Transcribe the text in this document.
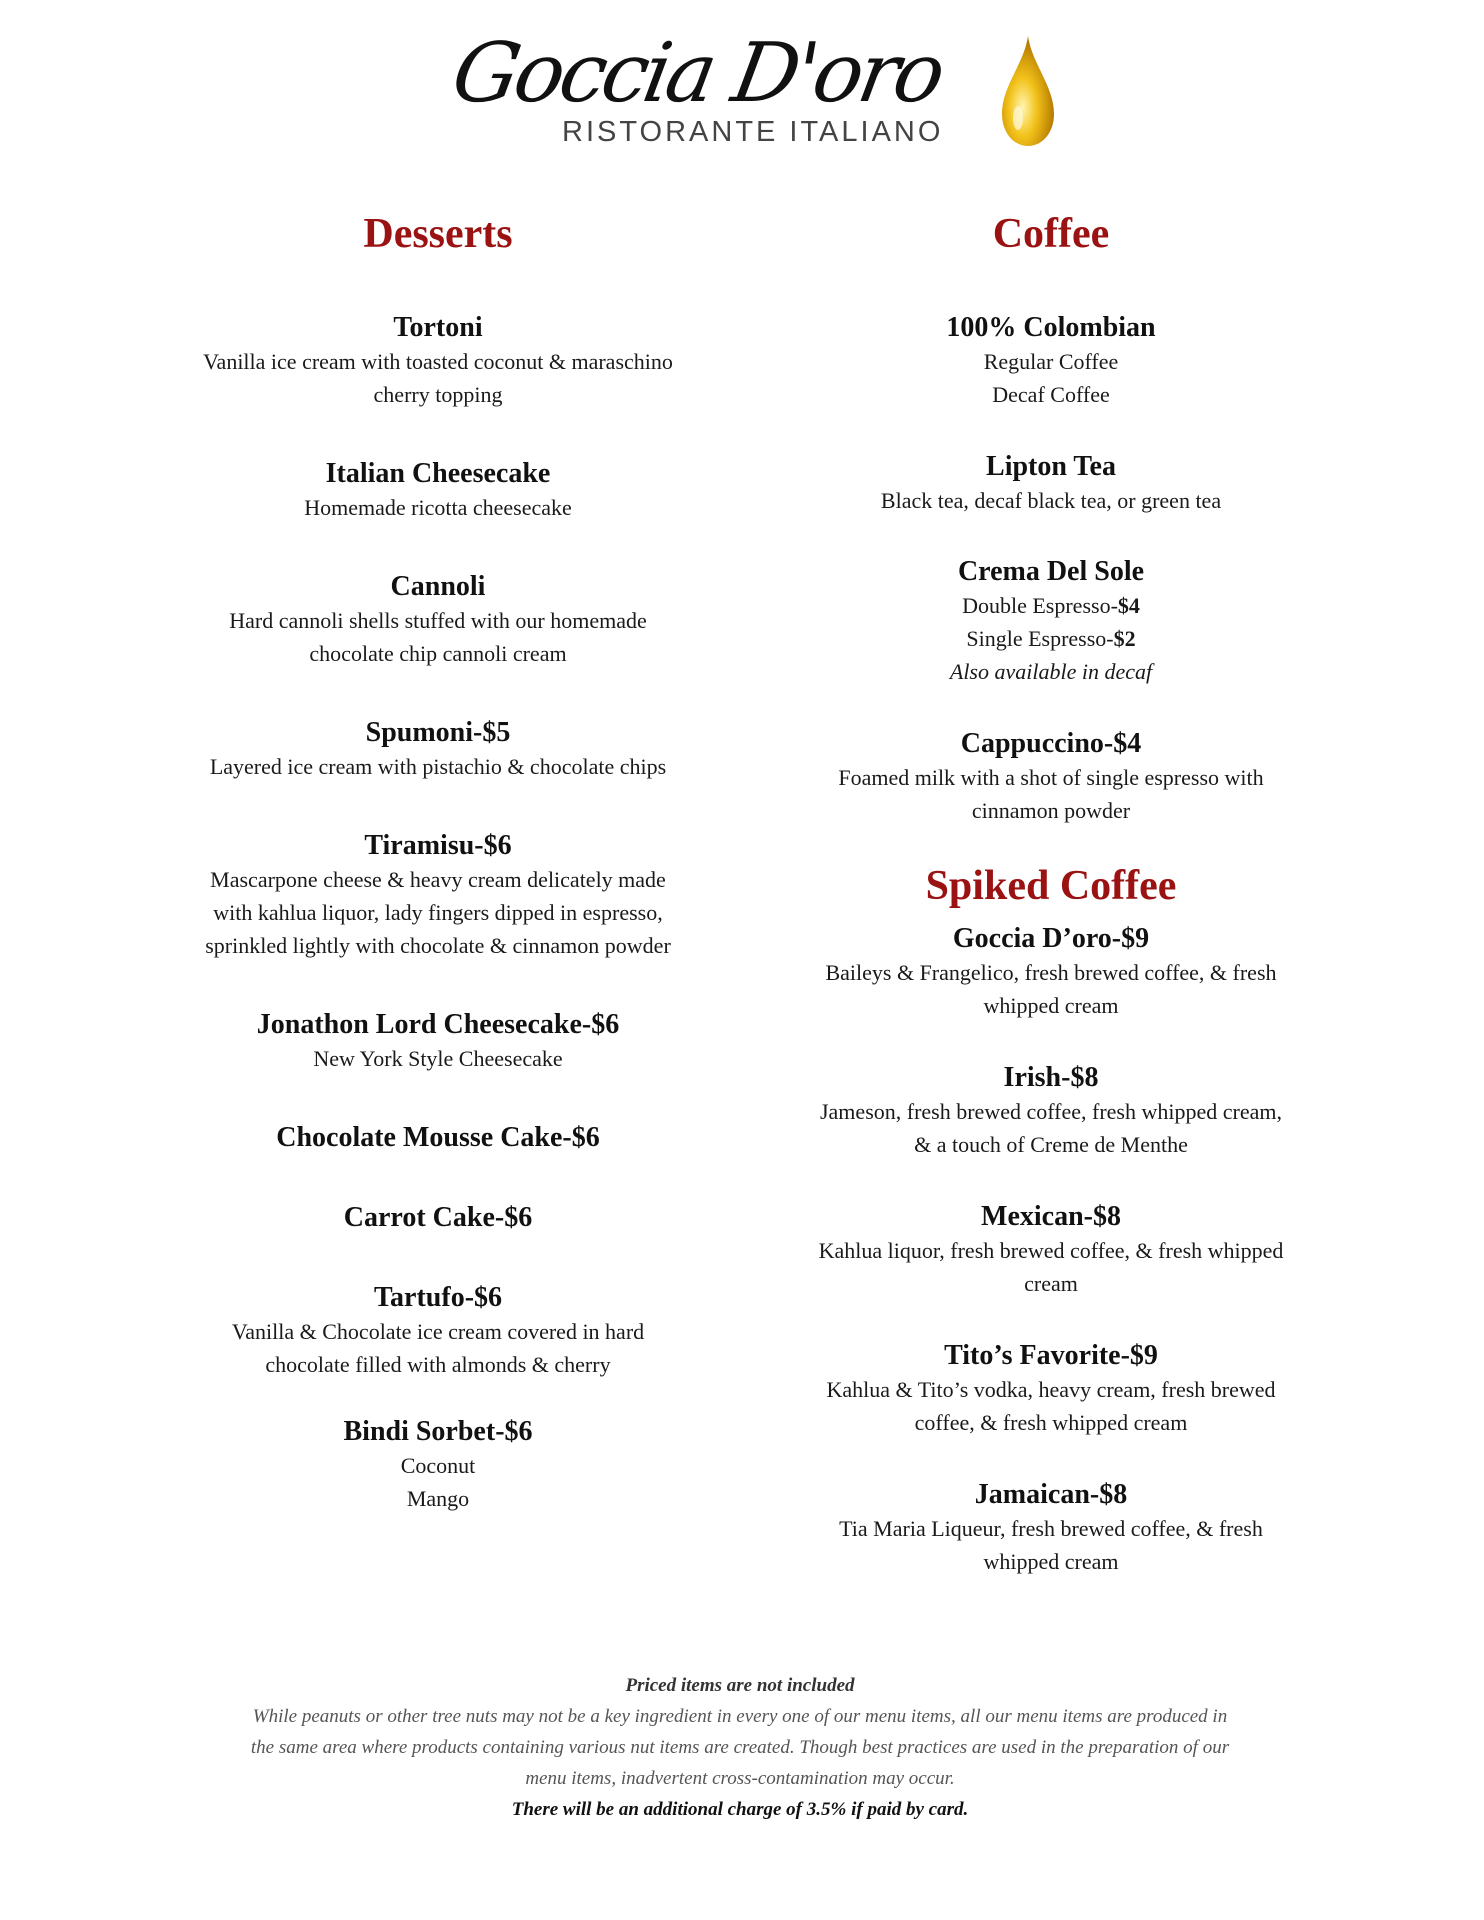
Goccia D'oro
RISTORANTE ITALIANO
Desserts
Tortoni
Vanilla ice cream with toasted coconut & maraschino
cherry topping
Italian Cheesecake
Homemade ricotta cheesecake
Cannoli
Hard cannoli shells stuffed with our homemade
chocolate chip cannoli cream
Spumoni-$5
Layered ice cream with pistachio & chocolate chips
Tiramisu-$6
Mascarpone cheese & heavy cream delicately made
with kahlua liquor, lady fingers dipped in espresso,
sprinkled lightly with chocolate & cinnamon powder
Jonathon Lord Cheesecake-$6
New York Style Cheesecake
Chocolate Mousse Cake-$6
Carrot Cake-$6
Tartufo-$6
Vanilla & Chocolate ice cream covered in hard
chocolate filled with almonds & cherry
Bindi Sorbet-$6
Coconut
Mango
Coffee
100% Colombian
Regular Coffee
Decaf Coffee
Lipton Tea
Black tea, decaf black tea, or green tea
Crema Del Sole
Double Espresso-$4
Single Espresso-$2
Also available in decaf
Cappuccino-$4
Foamed milk with a shot of single espresso with
cinnamon powder
Spiked Coffee
Goccia D’oro-$9
Baileys & Frangelico, fresh brewed coffee, & fresh
whipped cream
Irish-$8
Jameson, fresh brewed coffee, fresh whipped cream,
& a touch of Creme de Menthe
Mexican-$8
Kahlua liquor, fresh brewed coffee, & fresh whipped
cream
Tito’s Favorite-$9
Kahlua & Tito’s vodka, heavy cream, fresh brewed
coffee, & fresh whipped cream
Jamaican-$8
Tia Maria Liqueur, fresh brewed coffee, & fresh
whipped cream
Priced items are not included
While peanuts or other tree nuts may not be a key ingredient in every one of our menu items, all our menu items are produced in
the same area where products containing various nut items are created. Though best practices are used in the preparation of our
menu items, inadvertent cross-contamination may occur.
There will be an additional charge of 3.5% if paid by card.
